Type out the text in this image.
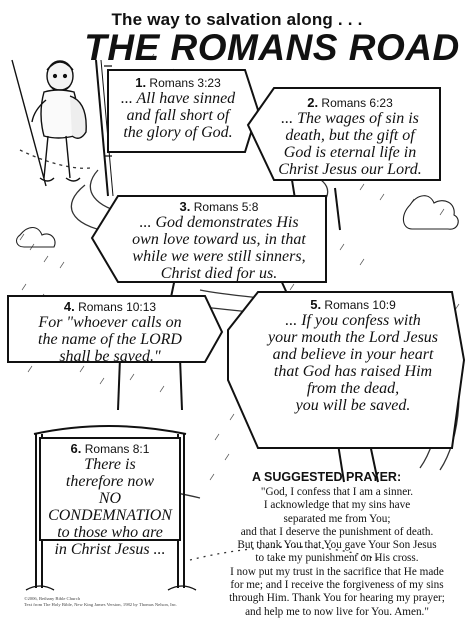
The way to salvation along . . .
THE ROMANS ROAD
1. Romans 3:23
... All have sinned
and fall short of
the glory of God.
2. Romans 6:23
... The wages of sin is
death, but the gift of
God is eternal life in
Christ Jesus our Lord.
3. Romans 5:8
... God demonstrates His
own love toward us, in that
while we were still sinners,
Christ died for us.
4. Romans 10:13
For "whoever calls on
the name of the LORD
shall be saved."
5. Romans 10:9
... If you confess with
your mouth the Lord Jesus
and believe in your heart
that God has raised Him
from the dead,
you will be saved.
6. Romans 8:1
There is
therefore now
NO CONDEMNATION
to those who are
in Christ Jesus ...
A SUGGESTED PRAYER:
"God, I confess that I am a sinner.
I acknowledge that my sins have
separated me from You;
and that I deserve the punishment of death.
But thank You that You gave Your Son Jesus
to take my punishment on His cross.
I now put my trust in the sacrifice that He made
for me; and I receive the forgiveness of my sins
through Him. Thank You for hearing my prayer;
and help me to now live for You. Amen."
©2006, Bethany Bible Church
Text from The Holy Bible, New King James Version, 1982 by Thomas Nelson, Inc.
